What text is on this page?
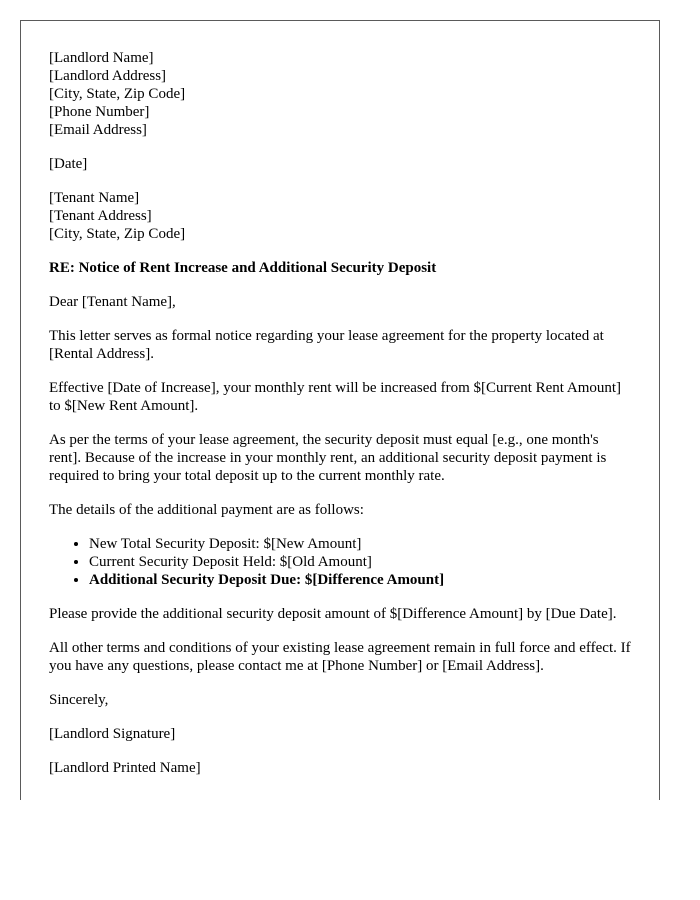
[Landlord Name]
[Landlord Address]
[City, State, Zip Code]
[Phone Number]
[Email Address]
[Date]
[Tenant Name]
[Tenant Address]
[City, State, Zip Code]
RE: Notice of Rent Increase and Additional Security Deposit

Dear [Tenant Name],

This letter serves as formal notice regarding your lease agreement for the property located at [Rental Address].

Effective [Date of Increase], your monthly rent will be increased from $[Current Rent Amount] to $[New Rent Amount].

As per the terms of your lease agreement, the security deposit must equal [e.g., one month's rent]. Because of the increase in your monthly rent, an additional security deposit payment is required to bring your total deposit up to the current monthly rate.

The details of the additional payment are as follows:

• New Total Security Deposit: $[New Amount]
• Current Security Deposit Held: $[Old Amount]
• Additional Security Deposit Due: $[Difference Amount]

Please provide the additional security deposit amount of $[Difference Amount] by [Due Date].

All other terms and conditions of your existing lease agreement remain in full force and effect. If you have any questions, please contact me at [Phone Number] or [Email Address].

Sincerely,

[Landlord Signature]

[Landlord Printed Name]
